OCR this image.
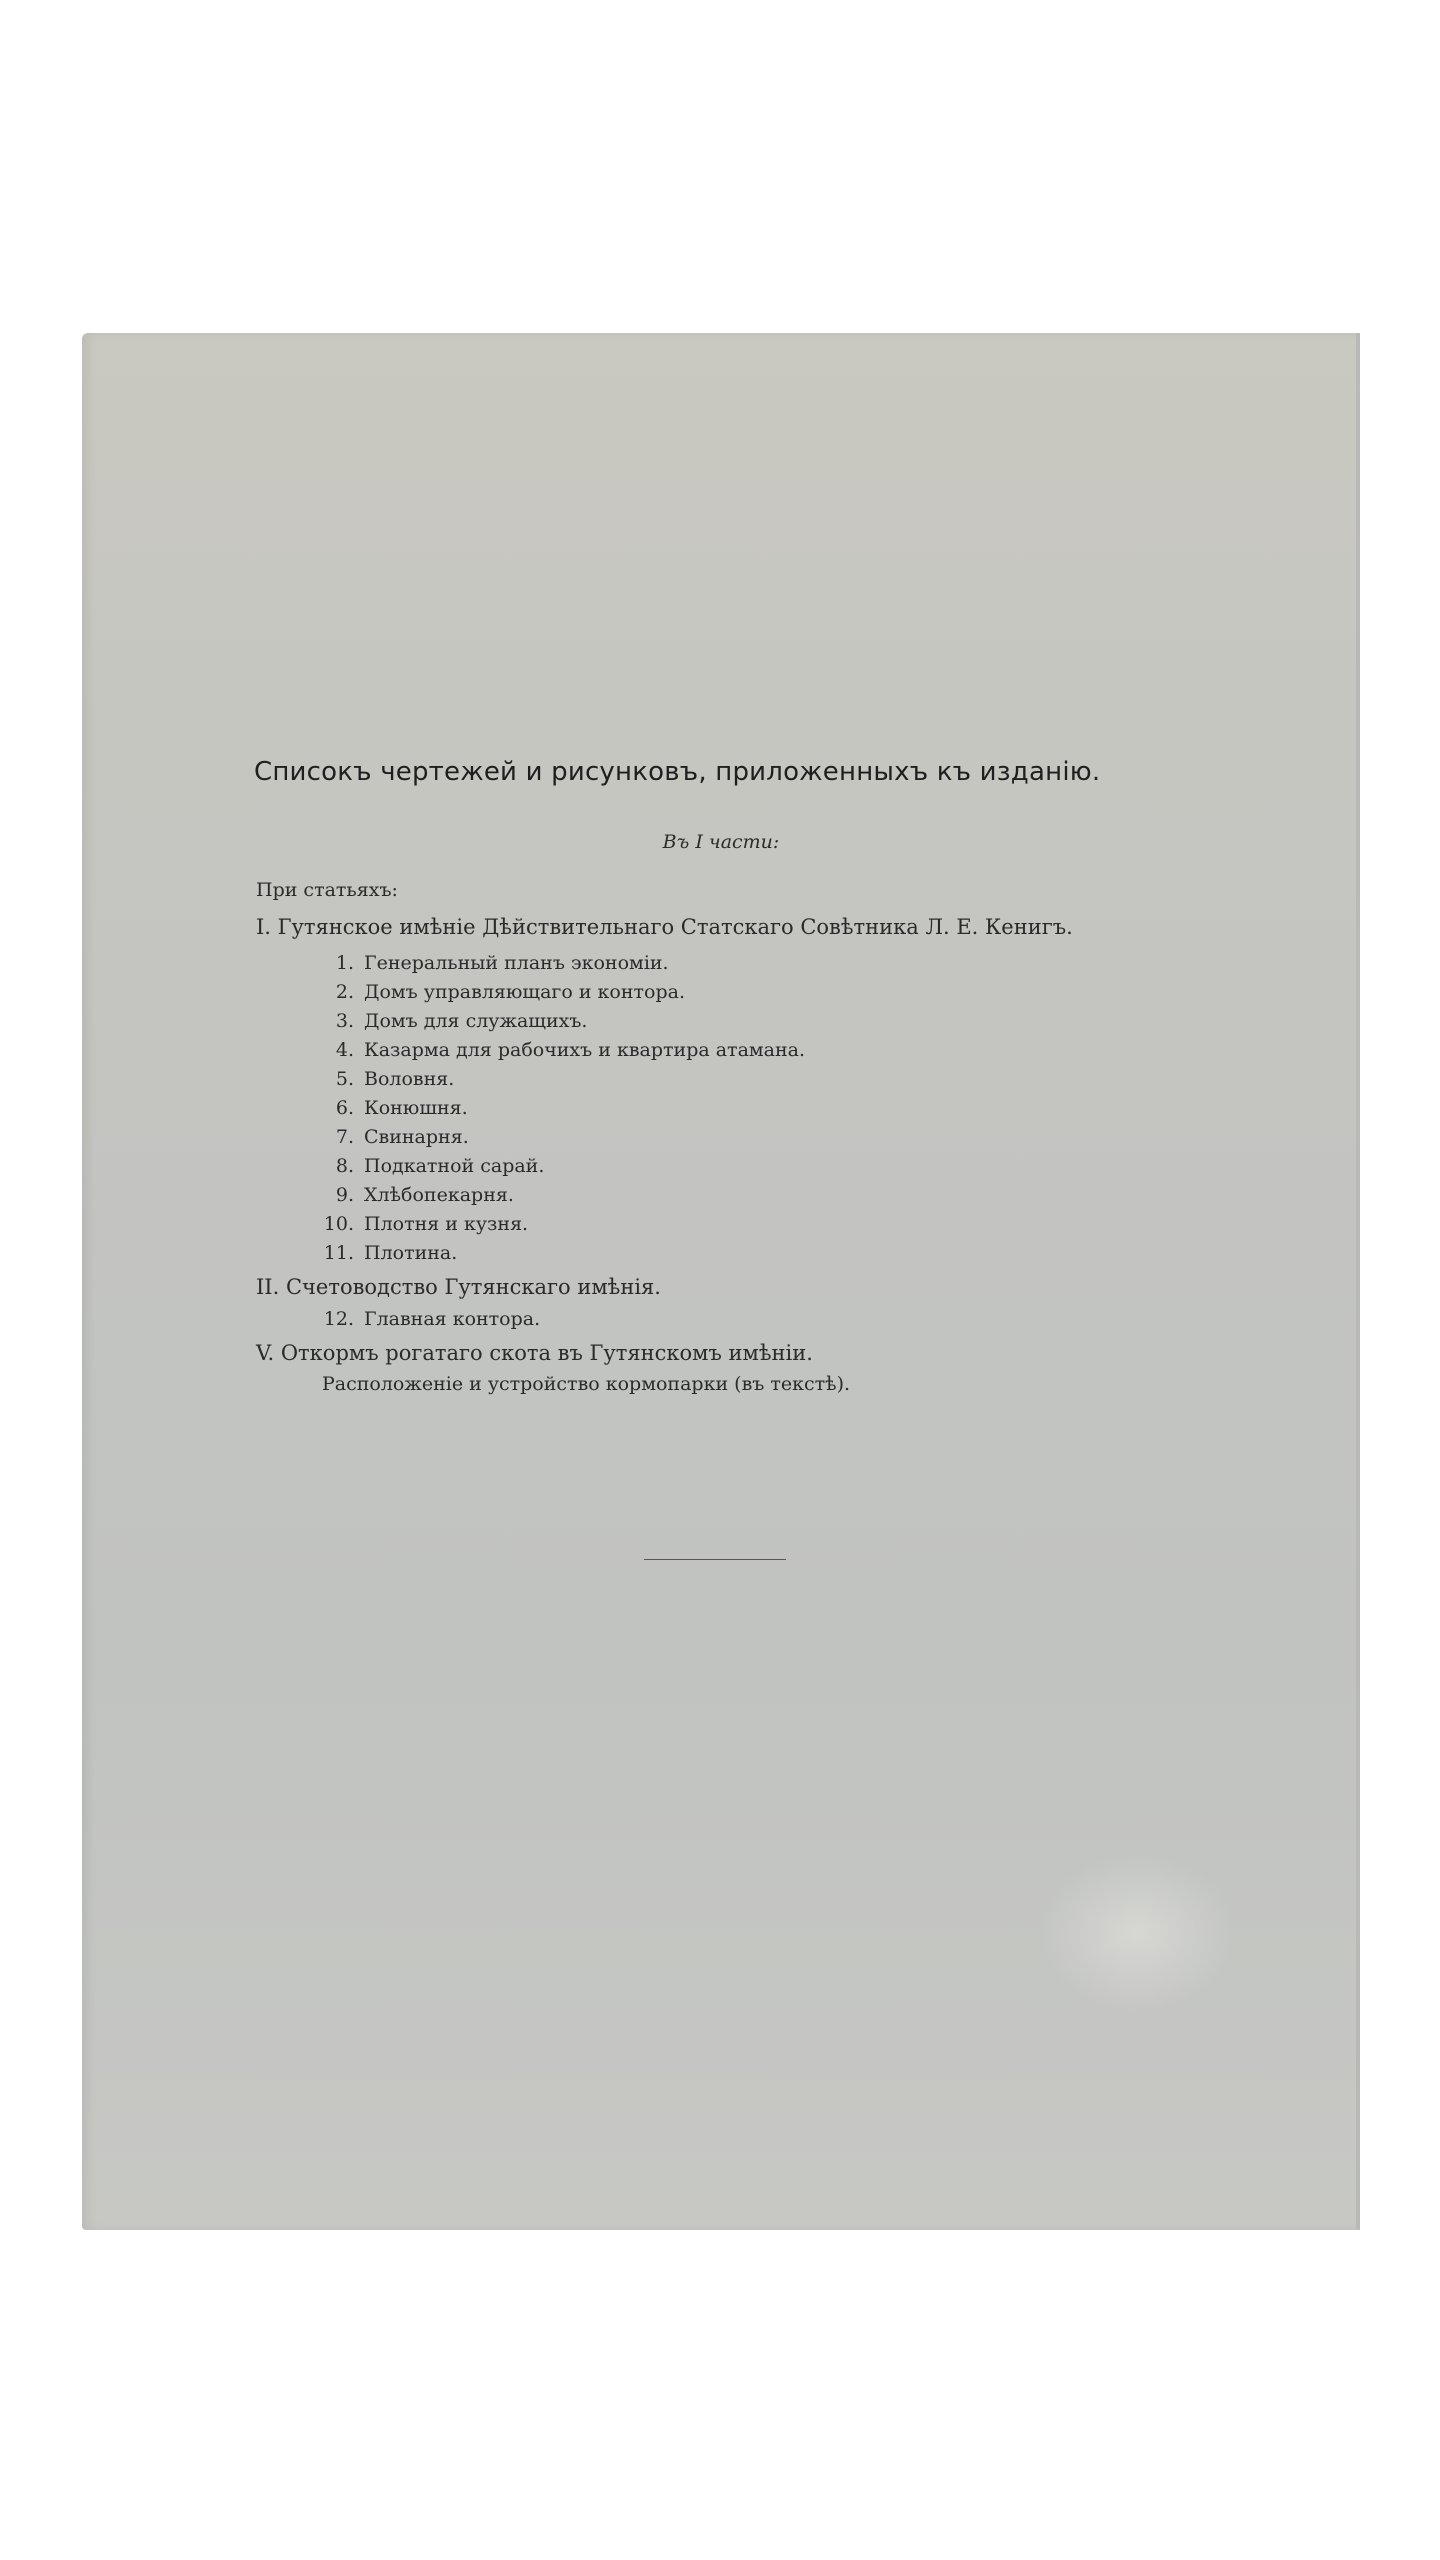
Списокъ чертежей и рисунковъ, приложенныхъ къ изданію.
Въ I части:
При статьяхъ:
I. Гутянское имѣніе Дѣйствительнаго Статскаго Совѣтника Л. Е. Кенигъ.
1. Генеральный планъ экономіи.
2. Домъ управляющаго и контора.
3. Домъ для служащихъ.
4. Казарма для рабочихъ и квартира атамана.
5. Воловня.
6. Конюшня.
7. Свинарня.
8. Подкатной сарай.
9. Хлѣбопекарня.
10. Плотня и кузня.
11. Плотина.
II. Счетоводство Гутянскаго имѣнія.
12. Главная контора.
V. Откормъ рогатаго скота въ Гутянскомъ имѣніи.
Расположеніе и устройство кормопарки (въ текстѣ).
